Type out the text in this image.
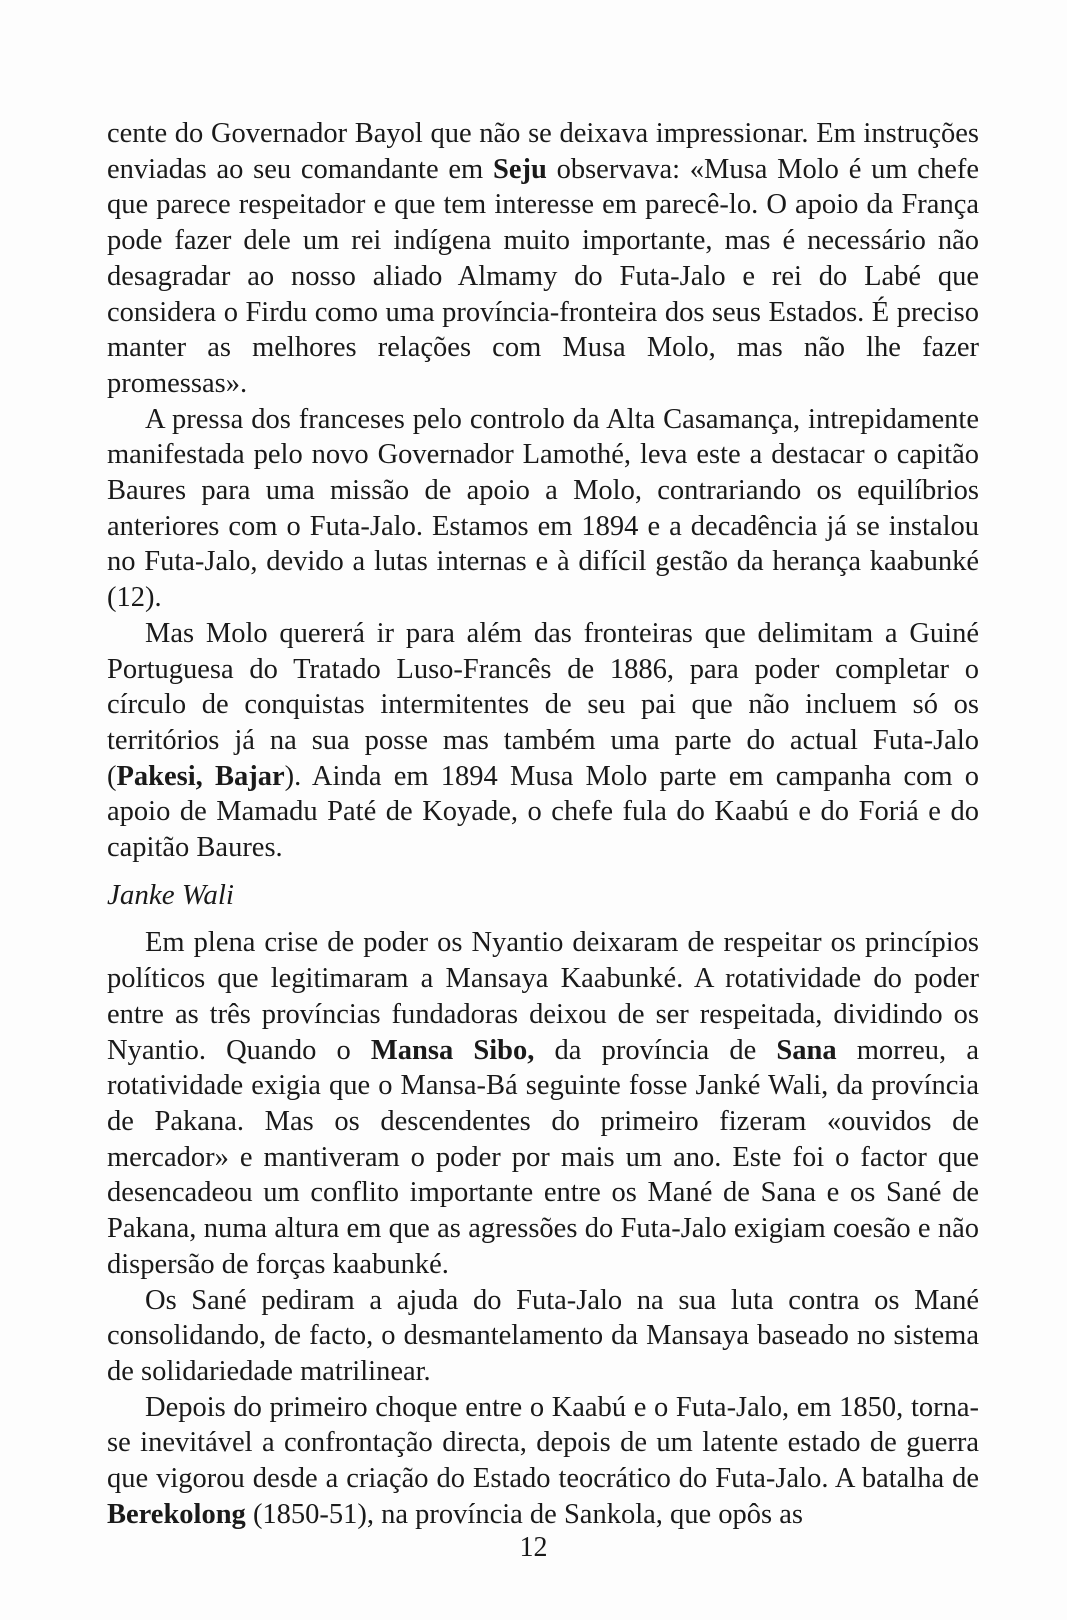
cente do Governador Bayol que não se deixava impressionar. Em instruções enviadas ao seu comandante em Seju observava: «Musa Molo é um chefe que parece respeitador e que tem interesse em parecê-lo. O apoio da França pode fazer dele um rei indígena muito importante, mas é necessário não desagradar ao nosso aliado Almamy do Futa-Jalo e rei do Labé que considera o Firdu como uma província-fronteira dos seus Estados. É preciso manter as melhores relações com Musa Molo, mas não lhe fazer promessas».

A pressa dos franceses pelo controlo da Alta Casamança, intrepidamente manifestada pelo novo Governador Lamothé, leva este a destacar o capitão Baures para uma missão de apoio a Molo, contrariando os equilíbrios anteriores com o Futa-Jalo. Estamos em 1894 e a decadência já se instalou no Futa-Jalo, devido a lutas internas e à difícil gestão da herança kaabunké (12).

Mas Molo quererá ir para além das fronteiras que delimitam a Guiné Portuguesa do Tratado Luso-Francês de 1886, para poder completar o círculo de conquistas intermitentes de seu pai que não incluem só os territórios já na sua posse mas também uma parte do actual Futa-Jalo (Pakesi, Bajar). Ainda em 1894 Musa Molo parte em campanha com o apoio de Mamadu Paté de Koyade, o chefe fula do Kaabú e do Foriá e do capitão Baures.

Janke Wali

Em plena crise de poder os Nyantio deixaram de respeitar os princípios políticos que legitimaram a Mansaya Kaabunké. A rotatividade do poder entre as três províncias fundadoras deixou de ser respeitada, dividindo os Nyantio. Quando o Mansa Sibo, da província de Sana morreu, a rotatividade exigia que o Mansa-Bá seguinte fosse Janké Wali, da província de Pakana. Mas os descendentes do primeiro fizeram «ouvidos de mercador» e mantiveram o poder por mais um ano. Este foi o factor que desencadeou um conflito importante entre os Mané de Sana e os Sané de Pakana, numa altura em que as agressões do Futa-Jalo exigiam coesão e não dispersão de forças kaabunké.

Os Sané pediram a ajuda do Futa-Jalo na sua luta contra os Mané consolidando, de facto, o desmantelamento da Mansaya baseado no sistema de solidariedade matrilinear.

Depois do primeiro choque entre o Kaabú e o Futa-Jalo, em 1850, torna-se inevitável a confrontação directa, depois de um latente estado de guerra que vigorou desde a criação do Estado teocrático do Futa-Jalo. A batalha de Berekolong (1850-51), na província de Sankola, que opôs as

12
